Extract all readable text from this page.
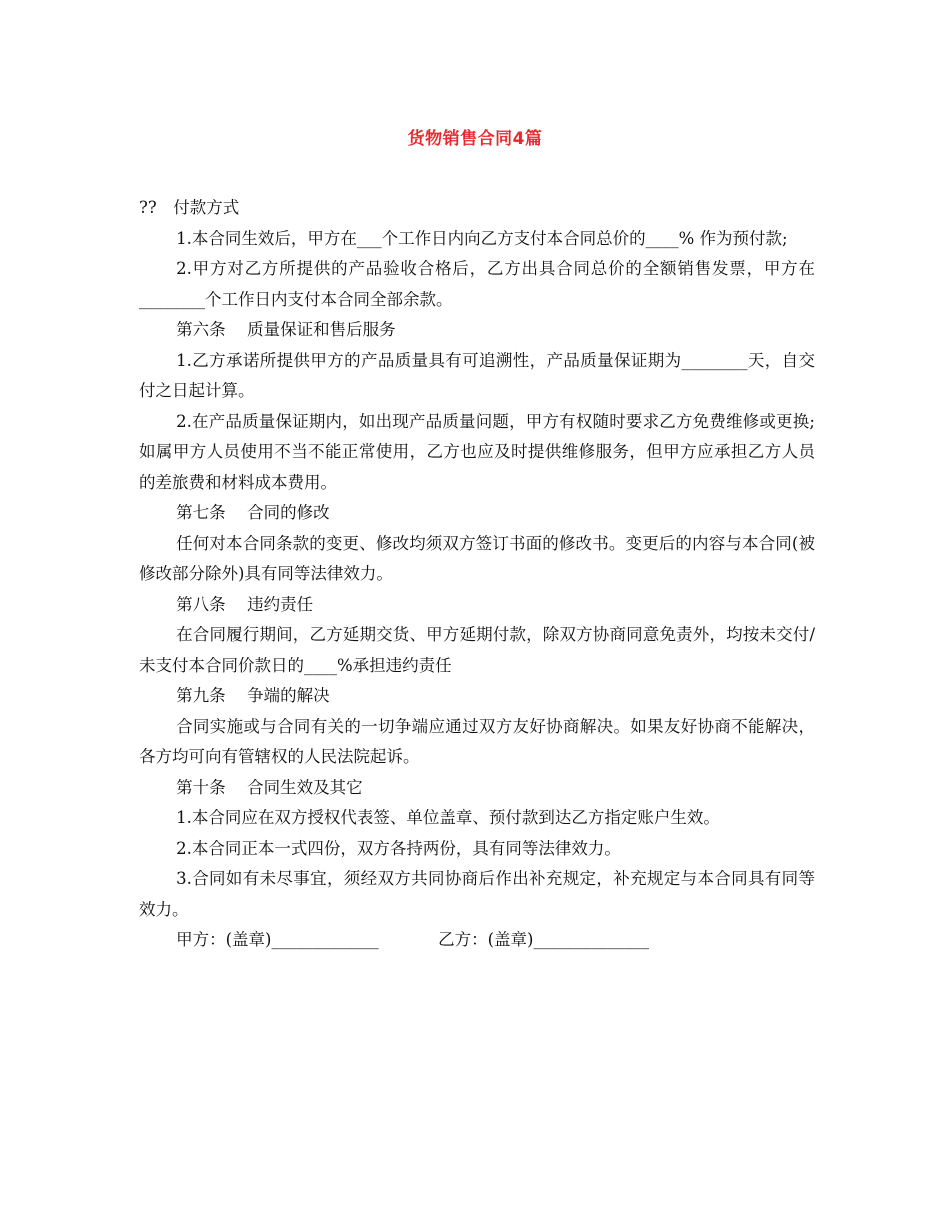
货物销售合同4篇

??　付款方式

1.本合同生效后，甲方在___个工作日内向乙方支付本合同总价的____% 作为预付款;

2.甲方对乙方所提供的产品验收合格后，乙方出具合同总价的全额销售发票，甲方在________个工作日内支付本合同全部余款。

第六条 质量保证和售后服务

1.乙方承诺所提供甲方的产品质量具有可追溯性，产品质量保证期为________天，自交付之日起计算。

2.在产品质量保证期内，如出现产品质量问题，甲方有权随时要求乙方免费维修或更换;如属甲方人员使用不当不能正常使用，乙方也应及时提供维修服务，但甲方应承担乙方人员的差旅费和材料成本费用。

第七条 合同的修改

任何对本合同条款的变更、修改均须双方签订书面的修改书。变更后的内容与本合同(被修改部分除外)具有同等法律效力。

第八条 违约责任

在合同履行期间，乙方延期交货、甲方延期付款，除双方协商同意免责外，均按未交付/未支付本合同价款日的____%承担违约责任

第九条 争端的解决

合同实施或与合同有关的一切争端应通过双方友好协商解决。如果友好协商不能解决，各方均可向有管辖权的人民法院起诉。

第十条 合同生效及其它

1.本合同应在双方授权代表签、单位盖章、预付款到达乙方指定账户生效。

2.本合同正本一式四份，双方各持两份，具有同等法律效力。

3.合同如有未尽事宜，须经双方共同协商后作出补充规定，补充规定与本合同具有同等效力。

甲方：(盖章)_____________	乙方：(盖章)______________
